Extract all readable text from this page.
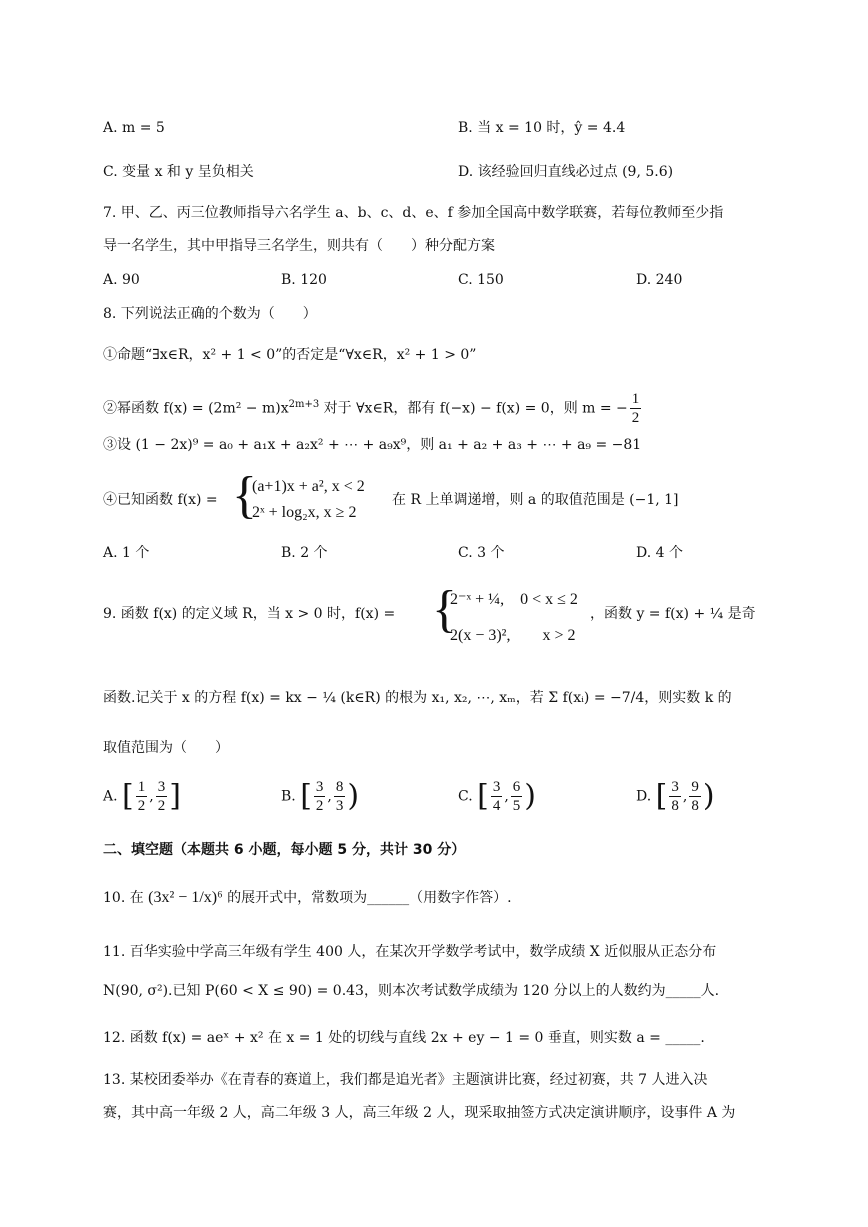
A. m = 5	B. 当 x = 10 时，ŷ = 4.4
C. 变量 x 和 y 呈负相关	D. 该经验回归直线必过点 (9, 5.6)
7. 甲、乙、丙三位教师指导六名学生 a、b、c、d、e、f 参加全国高中数学联赛，若每位教师至少指
导一名学生，其中甲指导三名学生，则共有（　　）种分配方案
A. 90	B. 120	C. 150	D. 240
8. 下列说法正确的个数为（　　）
①命题“∃x∈R，x² + 1 < 0”的否定是“∀x∈R，x² + 1 > 0”
②幂函数 $f(x) = (2m^2 - m)x^{2m+3}$ 对于 ∀x∈R，都有 f(−x) − f(x) = 0，则 m = − $\frac{1}{2}$
③设 (1 − 2x)⁹ = a₀ + a₁x + a₂x² + ⋯ + a₉x⁹，则 a₁ + a₂ + a₃ + ⋯ + a₉ = −81
④已知函数 f(x) = {
(a+1)x + a², x < 2
2ˣ + log₂x, x ≥ 2
在 R 上单调递增，则 a 的取值范围是 (−1, 1]
A. 1 个	B. 2 个	C. 3 个	D. 4 个
9. 函数 f(x) 的定义域 R，当 x > 0 时，f(x) = {
2⁻ˣ + ¼,　0 < x ≤ 2
2(x − 3)²,　　x > 2
，函数 y = f(x) + ¼ 是奇
函数.记关于 x 的方程 f(x) = kx − ¼ (k∈R) 的根为 x₁, x₂, ⋯, xₘ，若 Σ f(xᵢ) = −7/4，则实数 k 的
取值范围为（　　）
A. [ $\frac{1}{2}$ , $\frac{3}{2}$ ]	B. [ $\frac{3}{2}$ , $\frac{8}{3}$ )	C. [ $\frac{3}{4}$ , $\frac{6}{5}$ )	D. [ $\frac{3}{8}$ , $\frac{9}{8}$ )
二、填空题（本题共 6 小题，每小题 5 分，共计 30 分）
10. 在 (3x² − 1/x)⁶ 的展开式中，常数项为______（用数字作答）.
11. 百华实验中学高三年级有学生 400 人，在某次开学数学考试中，数学成绩 X 近似服从正态分布
N(90, σ²).已知 P(60 < X ≤ 90) = 0.43，则本次考试数学成绩为 120 分以上的人数约为_____人.
12. 函数 f(x) = aeˣ + x² 在 x = 1 处的切线与直线 2x + ey − 1 = 0 垂直，则实数 a = _____.
13. 某校团委举办《在青春的赛道上，我们都是追光者》主题演讲比赛，经过初赛，共 7 人进入决
赛，其中高一年级 2 人，高二年级 3 人，高三年级 2 人，现采取抽签方式决定演讲顺序，设事件 A 为
